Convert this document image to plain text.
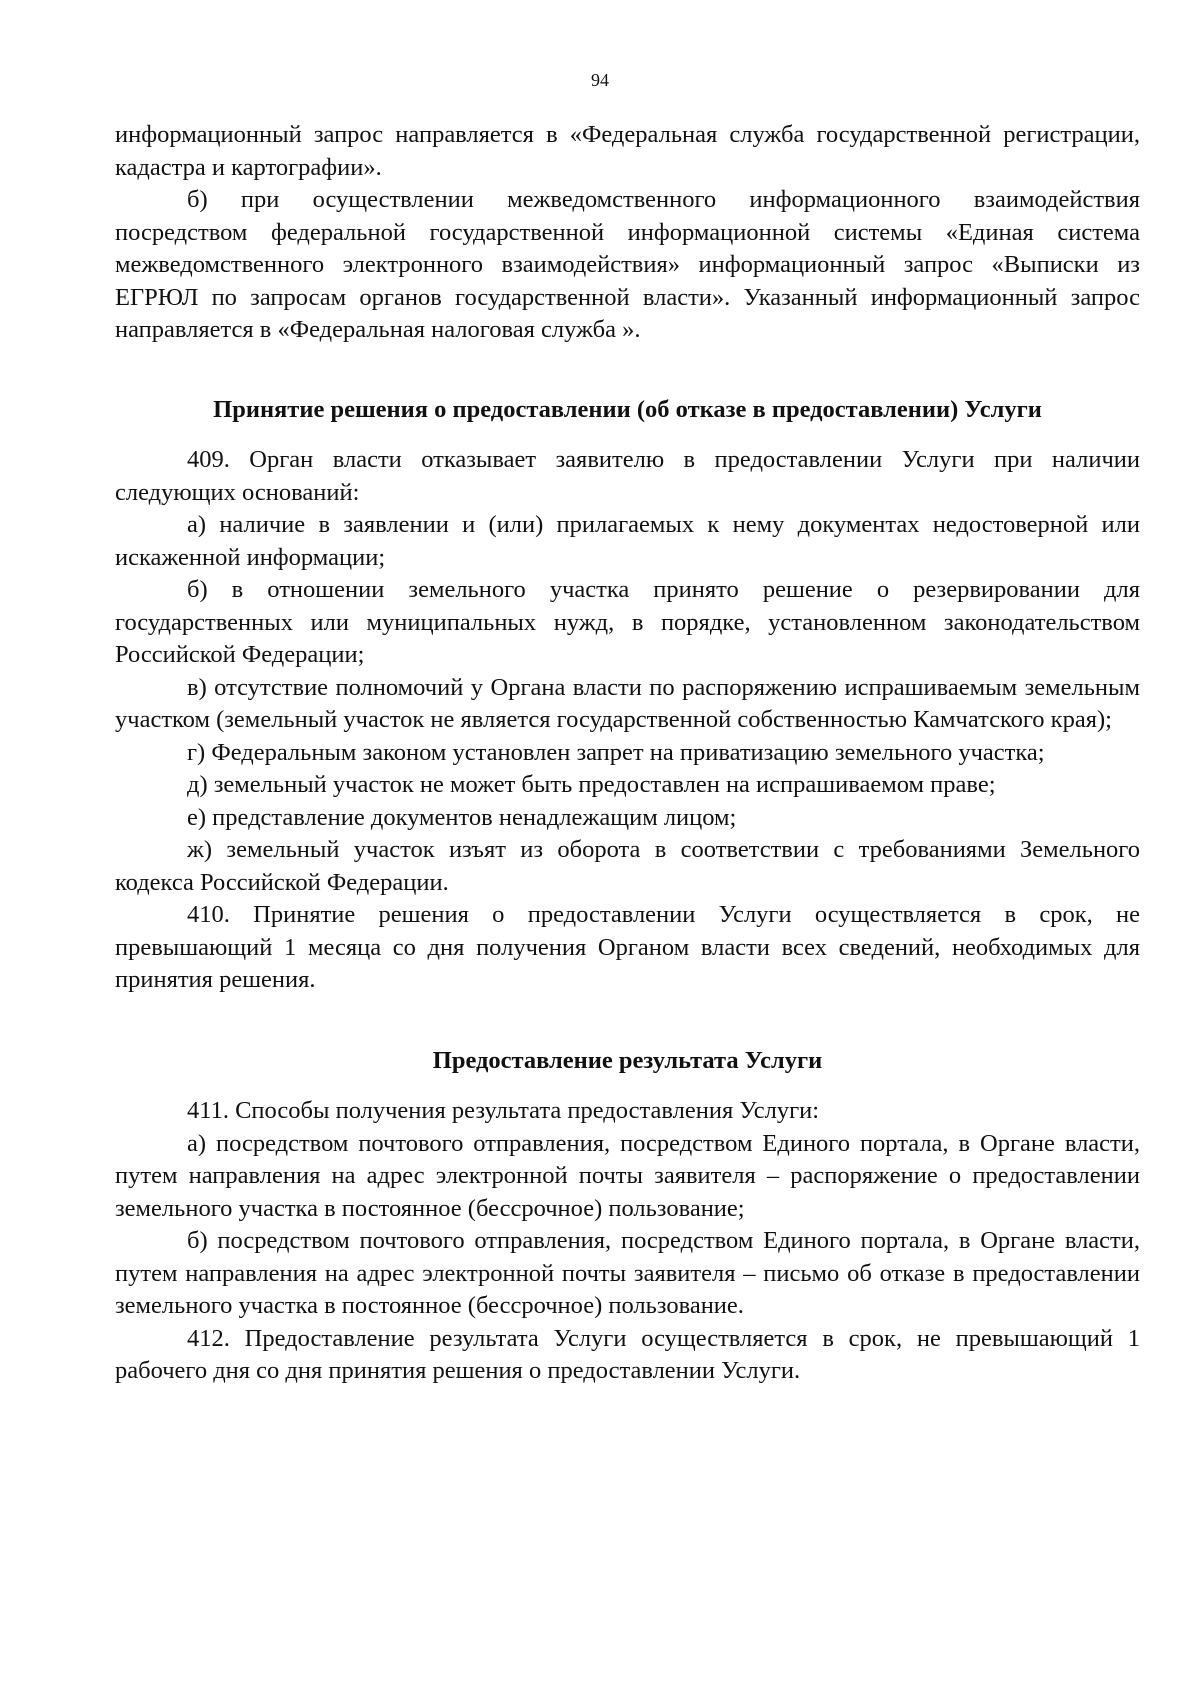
94

информационный запрос направляется в «Федеральная служба государственной регистрации, кадастра и картографии».

б) при осуществлении межведомственного информационного взаимодействия посредством федеральной государственной информационной системы «Единая система межведомственного электронного взаимодействия» информационный запрос «Выписки из ЕГРЮЛ по запросам органов государственной власти». Указанный информационный запрос направляется в «Федеральная налоговая служба ».

Принятие решения о предоставлении (об отказе в предоставлении) Услуги

409. Орган власти отказывает заявителю в предоставлении Услуги при наличии следующих оснований:

а) наличие в заявлении и (или) прилагаемых к нему документах недостоверной или искаженной информации;

б) в отношении земельного участка принято решение о резервировании для государственных или муниципальных нужд, в порядке, установленном законодательством Российской Федерации;

в) отсутствие полномочий у Органа власти по распоряжению испрашиваемым земельным участком (земельный участок не является государственной собственностью Камчатского края);

г) Федеральным законом установлен запрет на приватизацию земельного участка;

д) земельный участок не может быть предоставлен на испрашиваемом праве;

е) представление документов ненадлежащим лицом;

ж) земельный участок изъят из оборота в соответствии с требованиями Земельного кодекса Российской Федерации.

410. Принятие решения о предоставлении Услуги осуществляется в срок, не превышающий 1 месяца со дня получения Органом власти всех сведений, необходимых для принятия решения.

Предоставление результата Услуги

411. Способы получения результата предоставления Услуги:

а) посредством почтового отправления, посредством Единого портала, в Органе власти, путем направления на адрес электронной почты заявителя – распоряжение о предоставлении земельного участка в постоянное (бессрочное) пользование;

б) посредством почтового отправления, посредством Единого портала, в Органе власти, путем направления на адрес электронной почты заявителя – письмо об отказе в предоставлении земельного участка в постоянное (бессрочное) пользование.

412. Предоставление результата Услуги осуществляется в срок, не превышающий 1 рабочего дня со дня принятия решения о предоставлении Услуги.
